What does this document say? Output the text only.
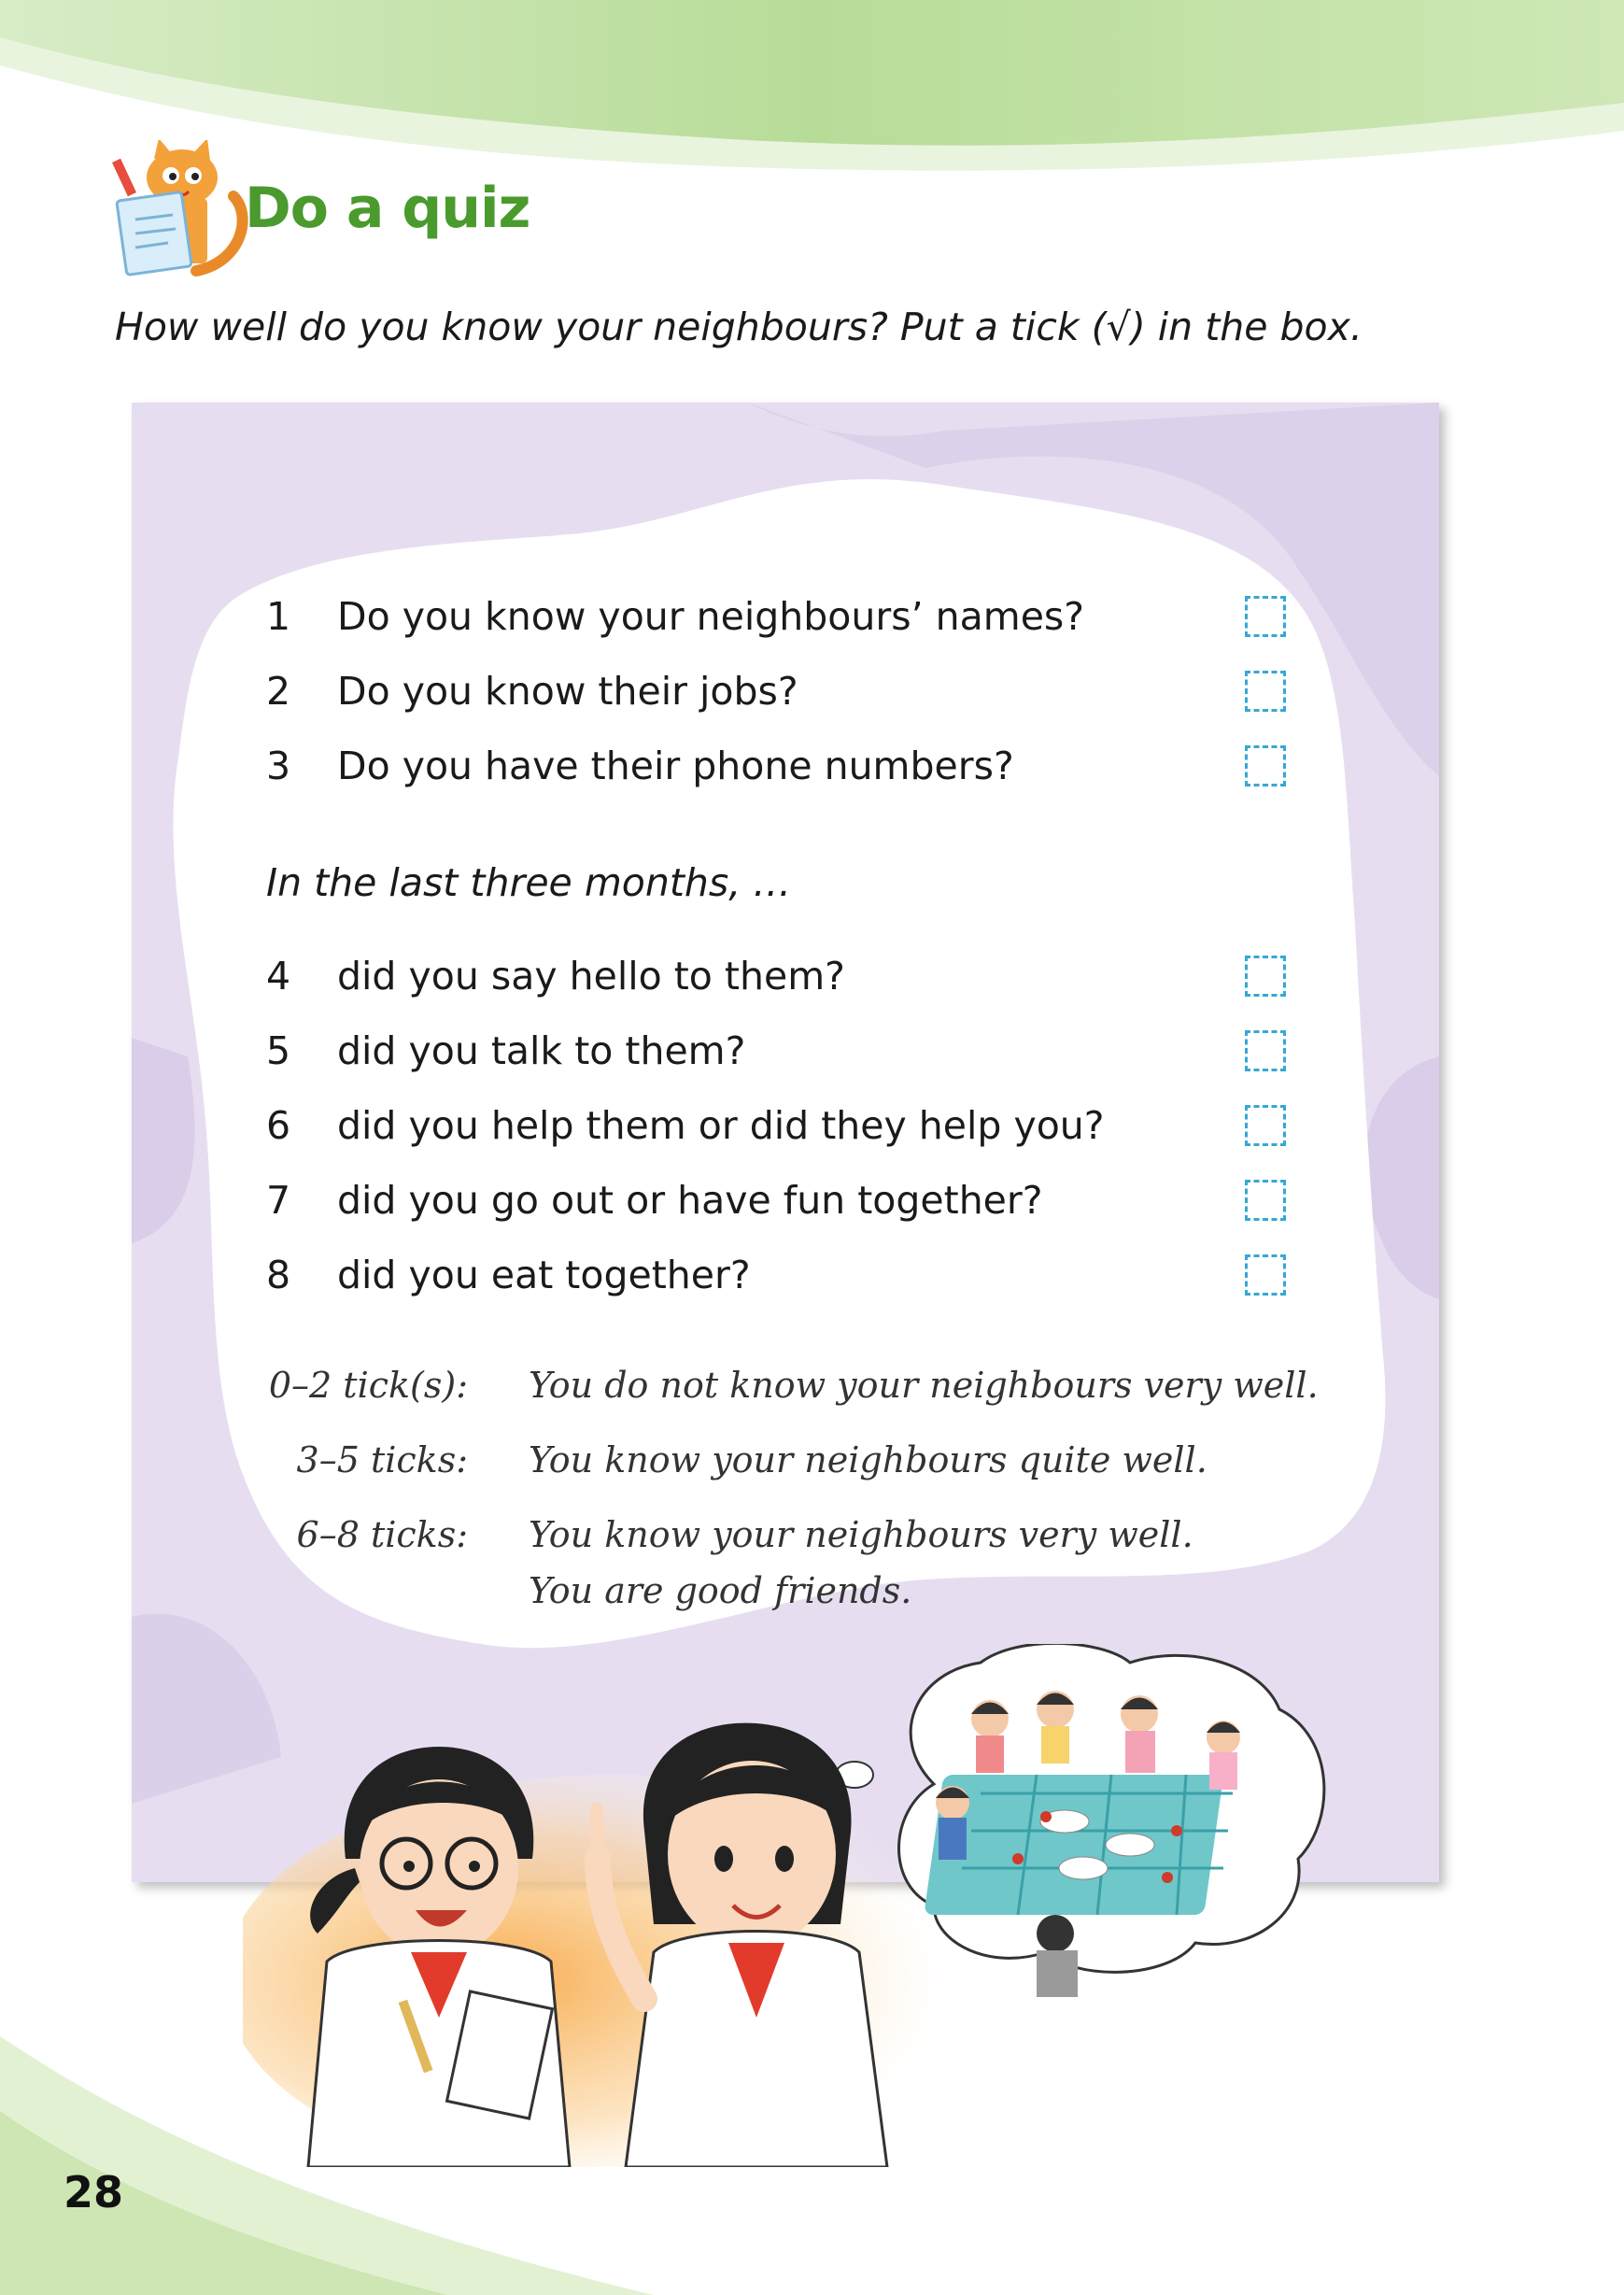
Do a quiz
How well do you know your neighbours? Put a tick (√) in the box.
1 Do you know your neighbours’ names?
2 Do you know their jobs?
3 Do you have their phone numbers?
In the last three months, …
4 did you say hello to them?
5 did you talk to them?
6 did you help them or did they help you?
7 did you go out or have fun together?
8 did you eat together?
0–2 tick(s): You do not know your neighbours very well.
3–5 ticks: You know your neighbours quite well.
6–8 ticks: You know your neighbours very well.
You are good friends.
28
